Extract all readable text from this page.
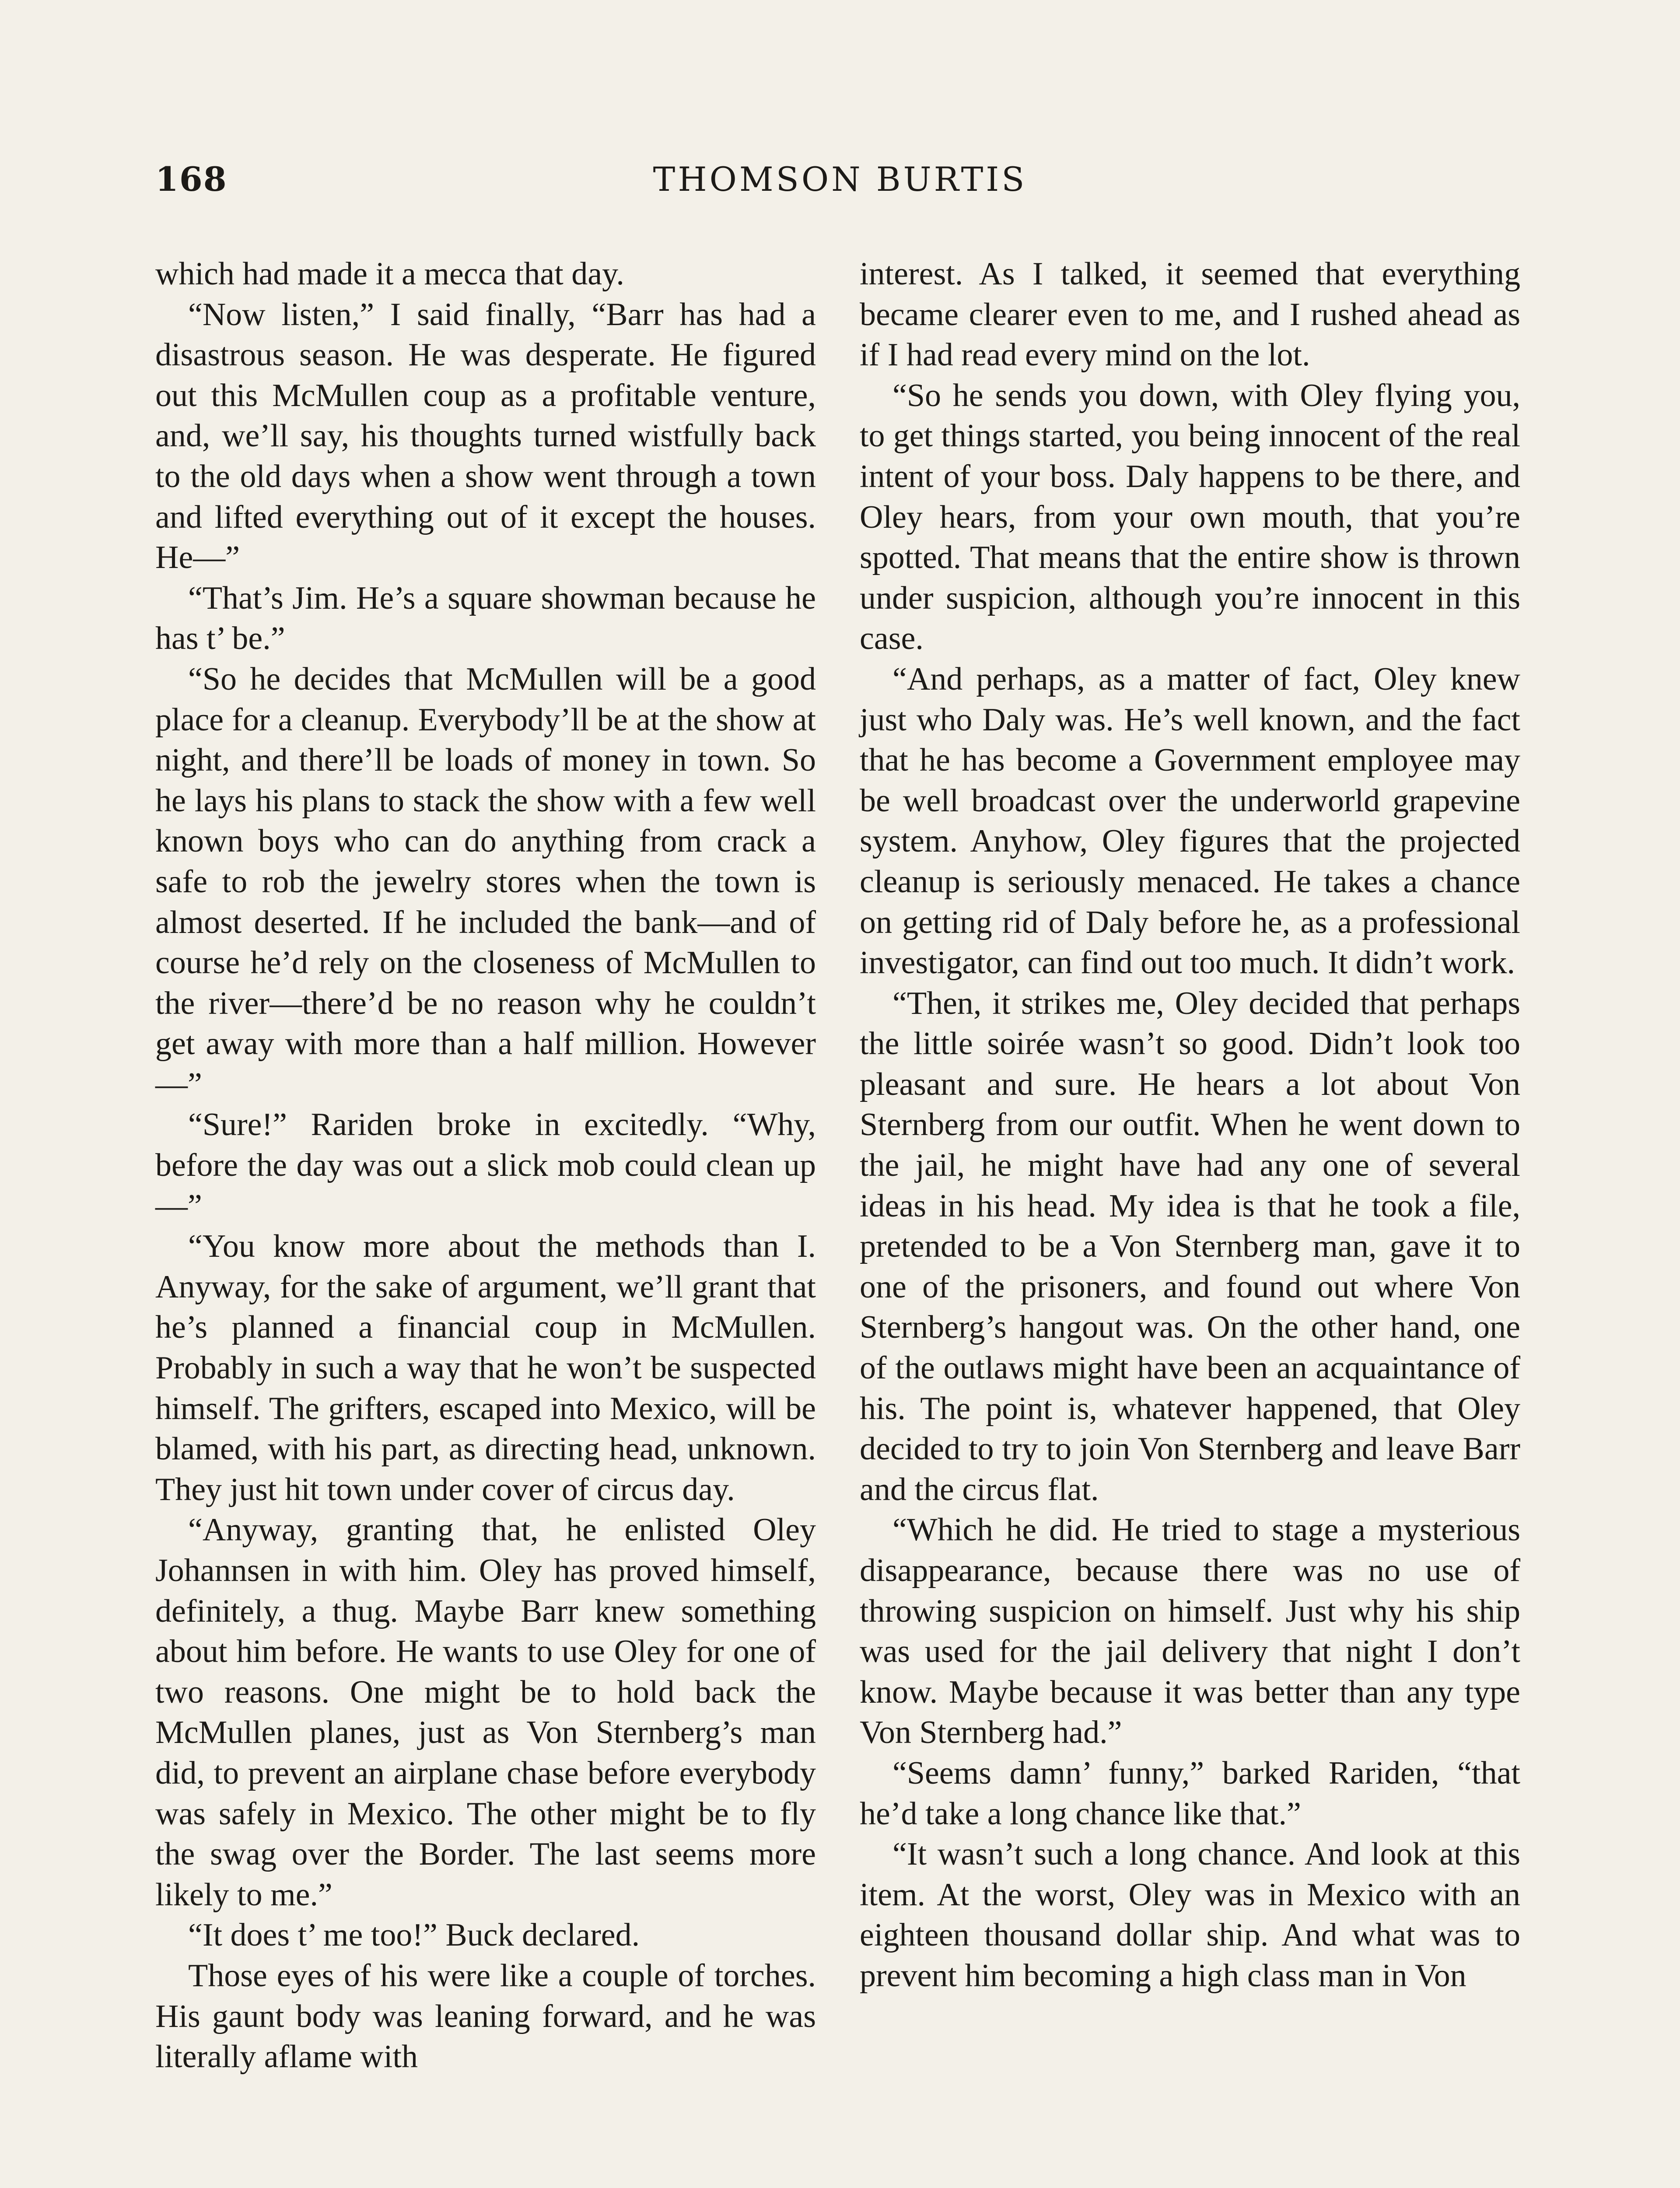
168	THOMSON BURTIS

which had made it a mecca that day.

“Now listen,” I said finally, “Barr has had a disastrous season. He was desperate. He figured out this McMullen coup as a profitable venture, and, we’ll say, his thoughts turned wistfully back to the old days when a show went through a town and lifted everything out of it except the houses. He—”

“That’s Jim. He’s a square showman because he has t’ be.”

“So he decides that McMullen will be a good place for a cleanup. Everybody’ll be at the show at night, and there’ll be loads of money in town. So he lays his plans to stack the show with a few well known boys who can do anything from crack a safe to rob the jewelry stores when the town is almost deserted. If he included the bank—and of course he’d rely on the closeness of McMullen to the river—there’d be no reason why he couldn’t get away with more than a half million. However—”

“Sure!” Rariden broke in excitedly. “Why, before the day was out a slick mob could clean up—”

“You know more about the methods than I. Anyway, for the sake of argument, we’ll grant that he’s planned a financial coup in McMullen. Probably in such a way that he won’t be suspected himself. The grifters, escaped into Mexico, will be blamed, with his part, as directing head, unknown. They just hit town under cover of circus day.

“Anyway, granting that, he enlisted Oley Johannsen in with him. Oley has proved himself, definitely, a thug. Maybe Barr knew something about him before. He wants to use Oley for one of two reasons. One might be to hold back the McMullen planes, just as Von Sternberg’s man did, to prevent an airplane chase before everybody was safely in Mexico. The other might be to fly the swag over the Border. The last seems more likely to me.”

“It does t’ me too!” Buck declared.

Those eyes of his were like a couple of torches. His gaunt body was leaning forward, and he was literally aflame with

interest. As I talked, it seemed that everything became clearer even to me, and I rushed ahead as if I had read every mind on the lot.

“So he sends you down, with Oley flying you, to get things started, you being innocent of the real intent of your boss. Daly happens to be there, and Oley hears, from your own mouth, that you’re spotted. That means that the entire show is thrown under suspicion, although you’re innocent in this case.

“And perhaps, as a matter of fact, Oley knew just who Daly was. He’s well known, and the fact that he has become a Government employee may be well broadcast over the underworld grapevine system. Anyhow, Oley figures that the projected cleanup is seriously menaced. He takes a chance on getting rid of Daly before he, as a professional investigator, can find out too much. It didn’t work.

“Then, it strikes me, Oley decided that perhaps the little soirée wasn’t so good. Didn’t look too pleasant and sure. He hears a lot about Von Sternberg from our outfit. When he went down to the jail, he might have had any one of several ideas in his head. My idea is that he took a file, pretended to be a Von Sternberg man, gave it to one of the prisoners, and found out where Von Sternberg’s hangout was. On the other hand, one of the outlaws might have been an acquaintance of his. The point is, whatever happened, that Oley decided to try to join Von Sternberg and leave Barr and the circus flat.

“Which he did. He tried to stage a mysterious disappearance, because there was no use of throwing suspicion on himself. Just why his ship was used for the jail delivery that night I don’t know. Maybe because it was better than any type Von Sternberg had.”

“Seems damn’ funny,” barked Rariden, “that he’d take a long chance like that.”

“It wasn’t such a long chance. And look at this item. At the worst, Oley was in Mexico with an eighteen thousand dollar ship. And what was to prevent him becoming a high class man in Von
